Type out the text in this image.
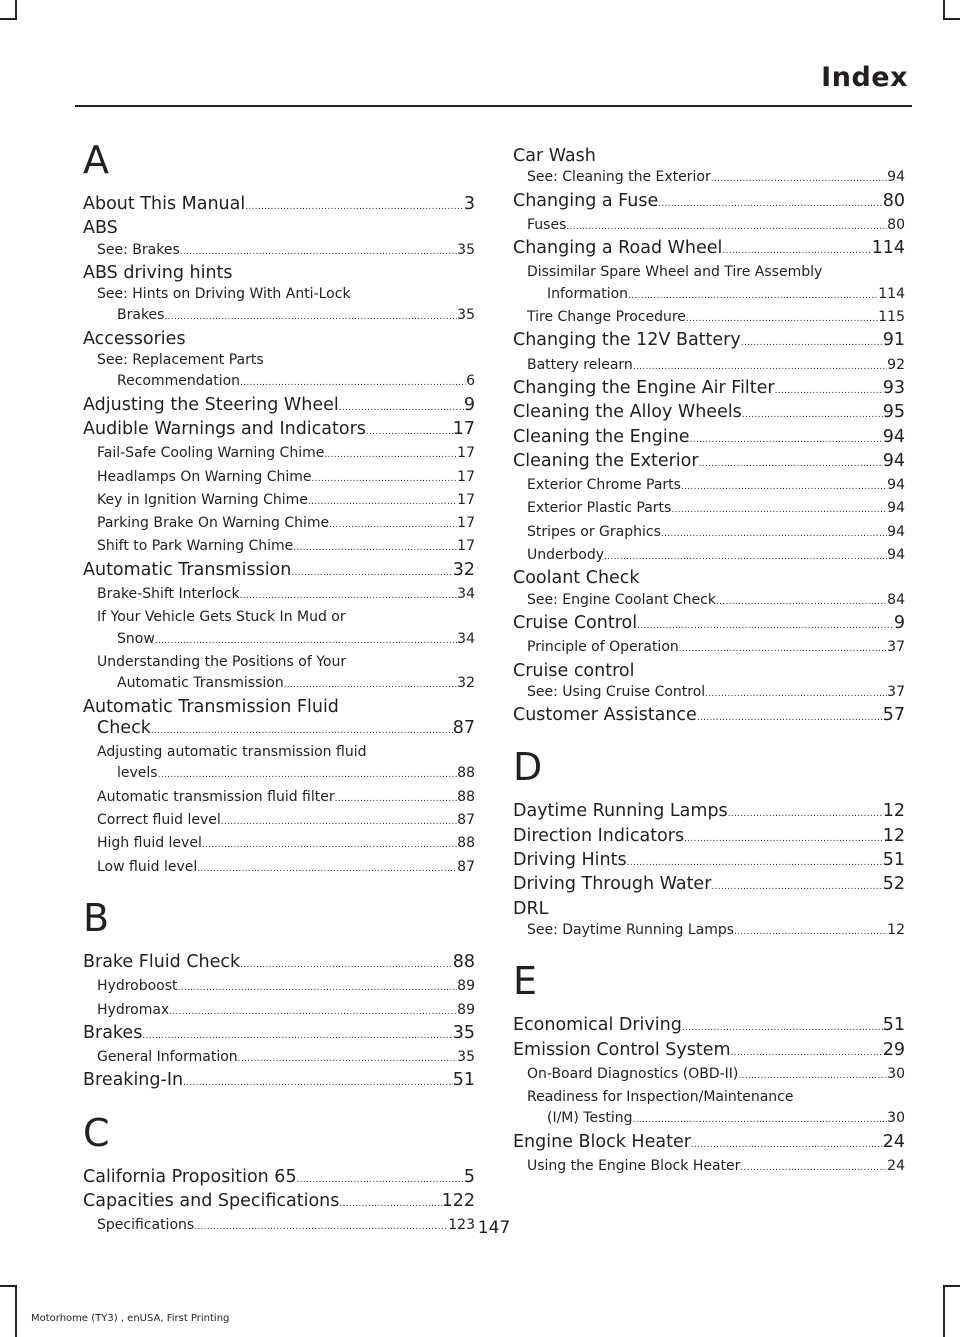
Index
A
About This Manual .....	3
ABS
See: Brakes .....	35
ABS driving hints
See: Hints on Driving With Anti-Lock
Brakes .....	35
Accessories
See: Replacement Parts
Recommendation .....	6
Adjusting the Steering Wheel .....	9
Audible Warnings and Indicators .....	17
Fail-Safe Cooling Warning Chime .....	17
Headlamps On Warning Chime .....	17
Key in Ignition Warning Chime .....	17
Parking Brake On Warning Chime .....	17
Shift to Park Warning Chime .....	17
Automatic Transmission .....	32
Brake-Shift Interlock .....	34
If Your Vehicle Gets Stuck In Mud or
Snow .....	34
Understanding the Positions of Your
Automatic Transmission .....	32
Automatic Transmission Fluid
Check .....	87
Adjusting automatic transmission fluid
levels .....	88
Automatic transmission fluid filter .....	88
Correct fluid level .....	87
High fluid level .....	88
Low fluid level .....	87
B
Brake Fluid Check .....	88
Hydroboost .....	89
Hydromax .....	89
Brakes .....	35
General Information .....	35
Breaking-In .....	51
C
California Proposition 65 .....	5
Capacities and Specifications .....	122
Specifications .....	123
Car Wash
See: Cleaning the Exterior .....	94
Changing a Fuse .....	80
Fuses .....	80
Changing a Road Wheel .....	114
Dissimilar Spare Wheel and Tire Assembly
Information .....	114
Tire Change Procedure .....	115
Changing the 12V Battery .....	91
Battery relearn .....	92
Changing the Engine Air Filter .....	93
Cleaning the Alloy Wheels .....	95
Cleaning the Engine .....	94
Cleaning the Exterior .....	94
Exterior Chrome Parts .....	94
Exterior Plastic Parts .....	94
Stripes or Graphics .....	94
Underbody .....	94
Coolant Check
See: Engine Coolant Check .....	84
Cruise Control .....	9
Principle of Operation .....	37
Cruise control
See: Using Cruise Control .....	37
Customer Assistance .....	57
D
Daytime Running Lamps .....	12
Direction Indicators .....	12
Driving Hints .....	51
Driving Through Water .....	52
DRL
See: Daytime Running Lamps .....	12
E
Economical Driving .....	51
Emission Control System .....	29
On-Board Diagnostics (OBD-II) .....	30
Readiness for Inspection/Maintenance
(I/M) Testing .....	30
Engine Block Heater .....	24
Using the Engine Block Heater .....	24
147
Motorhome (TY3) , enUSA, First Printing
